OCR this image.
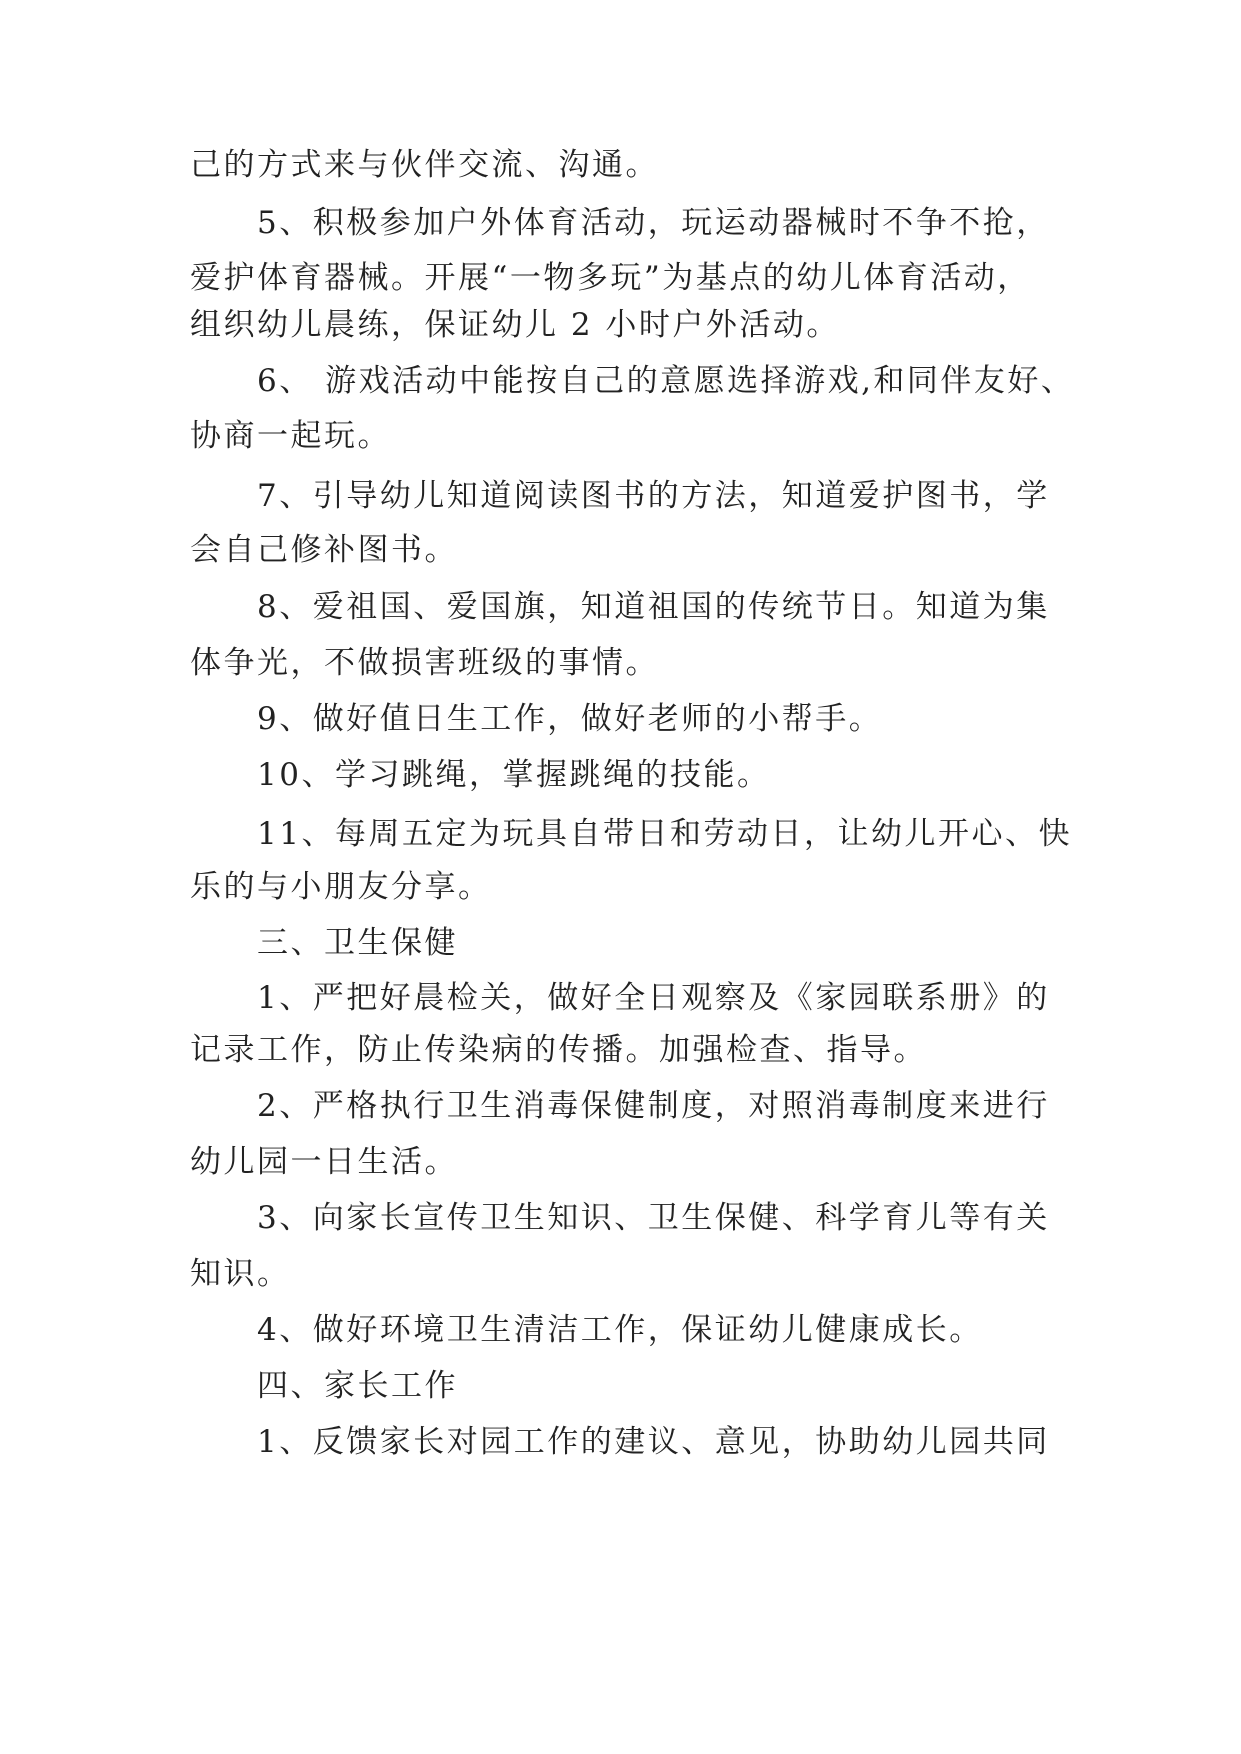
己的方式来与伙伴交流、沟通。
5、积极参加户外体育活动，玩运动器械时不争不抢，
爱护体育器械。开展“一物多玩”为基点的幼儿体育活动，
组织幼儿晨练，保证幼儿 2 小时户外活动。
6、 游戏活动中能按自己的意愿选择游戏,和同伴友好、
协商一起玩。
7、引导幼儿知道阅读图书的方法，知道爱护图书，学
会自己修补图书。
8、爱祖国、爱国旗，知道祖国的传统节日。知道为集
体争光，不做损害班级的事情。
9、做好值日生工作，做好老师的小帮手。
10、学习跳绳，掌握跳绳的技能。
11、每周五定为玩具自带日和劳动日，让幼儿开心、快
乐的与小朋友分享。
三、卫生保健
1、严把好晨检关，做好全日观察及《家园联系册》的
记录工作，防止传染病的传播。加强检查、指导。
2、严格执行卫生消毒保健制度，对照消毒制度来进行
幼儿园一日生活。
3、向家长宣传卫生知识、卫生保健、科学育儿等有关
知识。
4、做好环境卫生清洁工作，保证幼儿健康成长。
四、家长工作
1、反馈家长对园工作的建议、意见，协助幼儿园共同
